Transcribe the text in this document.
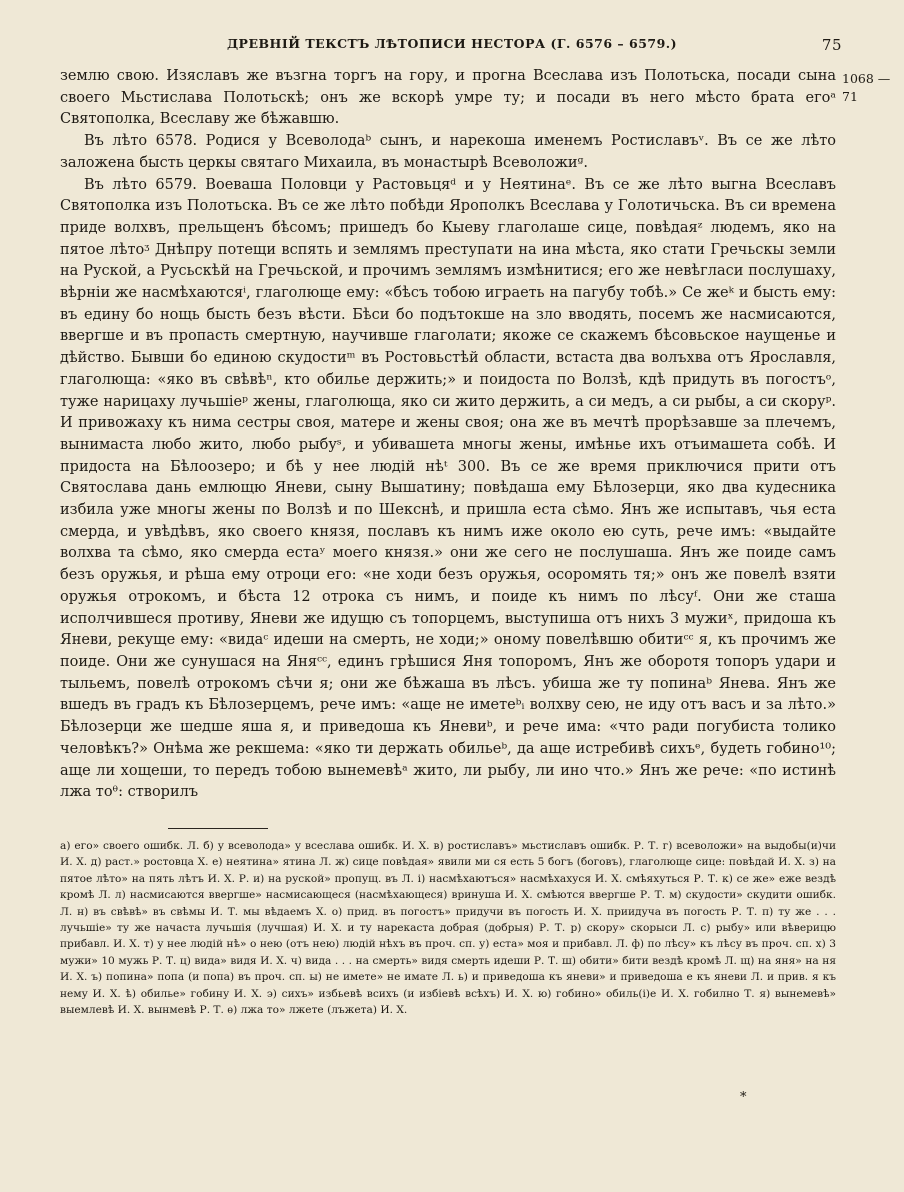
ДРЕВНІЙ ТЕКСТЪ ЛѢТОПИСИ НЕСТОРА (Г. 6576 – 6579.)	75
1068 —71

землю свою. Изяславъ же възгна торгъ на гору, и прогна Всеслава изъ Полотьска, посади сына своего Мьстислава Полотьскѣ; онъ же вскорѣ умре ту; и посади въ него мѣсто брата егоᵃ Святополка, Всеславу же бѣжавшю.

Въ лѣто 6578. Родися у Всеволодаᵇ сынъ, и нарекоша именемъ Ростиславъᵛ. Въ се же лѣто заложена бысть церкы святаго Михаила, въ монастырѣ Всеволожиᵍ.

Въ лѣто 6579. Воеваша Половци у Растовьцяᵈ и у Неятинаᵉ. Въ се же лѣто выгна Всеславъ Святополка изъ Полотьска. Въ се же лѣто побѣди Ярополкъ Всеслава у Голотичьска. Въ си времена приде волхвъ, прельщенъ бѣсомъ; пришедъ бо Кыеву глаголаше сице, повѣдаяᶻ людемъ, яко на пятое лѣтоᶾ Днѣпру потещи вспять и землямъ преступати на ина мѣста, яко стати Гречьскы земли на Руской, а Русьскѣй на Гречьской, и прочимъ землямъ измѣнитися; его же невѣгласи послушаху, вѣрніи же насмѣхаютсяⁱ, глаголюще ему: «бѣсъ тобою играеть на пагубу тобѣ.» Се жеᵏ и бысть ему: въ едину бо нощь бысть безъ вѣсти. Бѣси бо подътокше на зло вводять, посемъ же насмисаются, ввергше и въ пропасть смертную, научивше глаголати; якоже се скажемъ бѣсовьское наущенье и дѣйство. Бывши бо единою скудостиᵐ въ Ростовьстѣй области, встаста два волъхва отъ Ярославля, глаголюща: «яко въ свѣвѣⁿ, кто обилье держить;» и поидоста по Волзѣ, кдѣ придуть въ погостъᵒ, туже нарицаху лучьшіеᵖ жены, глаголюща, яко си жито держить, а си медъ, а си рыбы, а си скоруᵖ. И привожаху къ нима сестры своя, матере и жены своя; она же въ мечтѣ прорѣзавше за плечемъ, вынимаста любо жито, любо рыбуˢ, и убивашета многы жены, имѣнье ихъ отъимашета собѣ. И придоста на Бѣлоозеро; и бѣ у нее людій нѣᵗ 300. Въ се же время приключися прити отъ Святослава дань емлющю Яневи, сыну Вышатину; повѣдаша ему Бѣлозерци, яко два кудесника избила уже многы жены по Волзѣ и по Шекснѣ, и пришла еста сѣмо. Янъ же испытавъ, чья еста смерда, и увѣдѣвъ, яко своего князя, пославъ къ нимъ иже около ею суть, рече имъ: «выдайте волхва та сѣмо, яко смерда естаʸ моего князя.» они же сего не послушаша. Янъ же поиде самъ безъ оружья, и рѣша ему отроци его: «не ходи безъ оружья, осоромять тя;» онъ же повелѣ взяти оружья отрокомъ, и бѣста 12 отрока съ нимъ, и поиде къ нимъ по лѣсуᶠ. Они же сташа исполчившеся противу, Яневи же идущю съ топорцемъ, выступиша отъ нихъ 3 мужиˣ, придоша къ Яневи, рекуще ему: «видаᶜ идеши на смерть, не ходи;» оному повелѣвшю обитиᶜᶜ я, къ прочимъ же поиде. Они же сунушася на Яняᶜᶜ, единъ грѣшися Яня топоромъ, Янъ же оборотя топоръ удари и тыльемъ, повелѣ отрокомъ сѣчи я; они же бѣжаша въ лѣсъ. убиша же ту попинаᵇ Янева. Янъ же вшедъ въ градъ къ Бѣлозерцемъ, рече имъ: «аще не иметеᵇᵢ волхву сею, не иду отъ васъ и за лѣто.» Бѣлозерци же шедше яша я, и приведоша къ Яневиᵇ, и рече има: «что ради погубиста толико человѣкъ?» Онѣма же рекшема: «яко ти держать обильеᵇ, да аще истребивѣ сихъᵉ, будеть гобино¹⁰; аще ли хощеши, то передъ тобою вынемевѣᵃ жито, ли рыбу, ли ино что.» Янъ же рече: «по истинѣ лжа тоᶿ: створилъ

а) его» своего ошибк. Л. б) у всеволода» у всеслава ошибк. И. Х. в) ростиславъ» мьстиславъ ошибк. Р. Т. г) всеволожи» на выдобы(и)чи И. Х. д) раст.» ростовца Х. е) неятина» ятина Л. ж) сице повѣдая» явили ми ся есть 5 богъ (боговъ), глаголюще сице: повѣдай И. Х. з) на пятое лѣто» на пять лѣтъ И. Х. Р. и) на руской» пропущ. въ Л. і) насмѣхаютъся» насмѣхахуся И. Х. смѣяхуться Р. Т. к) се же» еже вездѣ кромѣ Л. л) насмисаются ввергше» насмисающеся (насмѣхающеся) вринуша И. Х. смѣются ввергше Р. Т. м) скудости» скудити ошибк. Л. н) въ свѣвѣ» въ свѣмы И. Т. мы вѣдаемъ Х. о) прид. въ погостъ» придучи въ погость И. Х. приидуча въ погость Р. Т. п) ту же . . . лучьшіе» ту же начаста лучьшія (лучшая) И. Х. и ту нарекаста добрая (добрыя) Р. Т. р) скору» скорыси Л. с) рыбу» или вѣверицю прибавл. И. Х. т) у нее людій нѣ» о нею (отъ нею) людій нѣхъ въ проч. сп. у) еста» моя и прибавл. Л. ф) по лѣсу» къ лѣсу въ проч. сп. х) 3 мужи» 10 мужь Р. Т. ц) вида» видя И. Х. ч) вида . . . на смерть» видя смерть идеши Р. Т. ш) обити» бити вездѣ кромѣ Л. щ) на яня» на ня И. Х. ъ) попина» попа (и попа) въ проч. сп. ы) не имете» не имате Л. ь) и приведоша къ яневи» и приведоша е къ яневи Л. и прив. я къ нему И. Х. ѣ) обилье» гобину И. Х. э) сихъ» избьевѣ всихъ (и избіевѣ всѣхъ) И. Х. ю) гобино» обиль(і)е И. Х. гобилно Т. я) вынемевѣ» выемлевѣ И. Х. вынмевѣ Р. Т. ѳ) лжа то» лжете (лъжета) И. Х.
*
